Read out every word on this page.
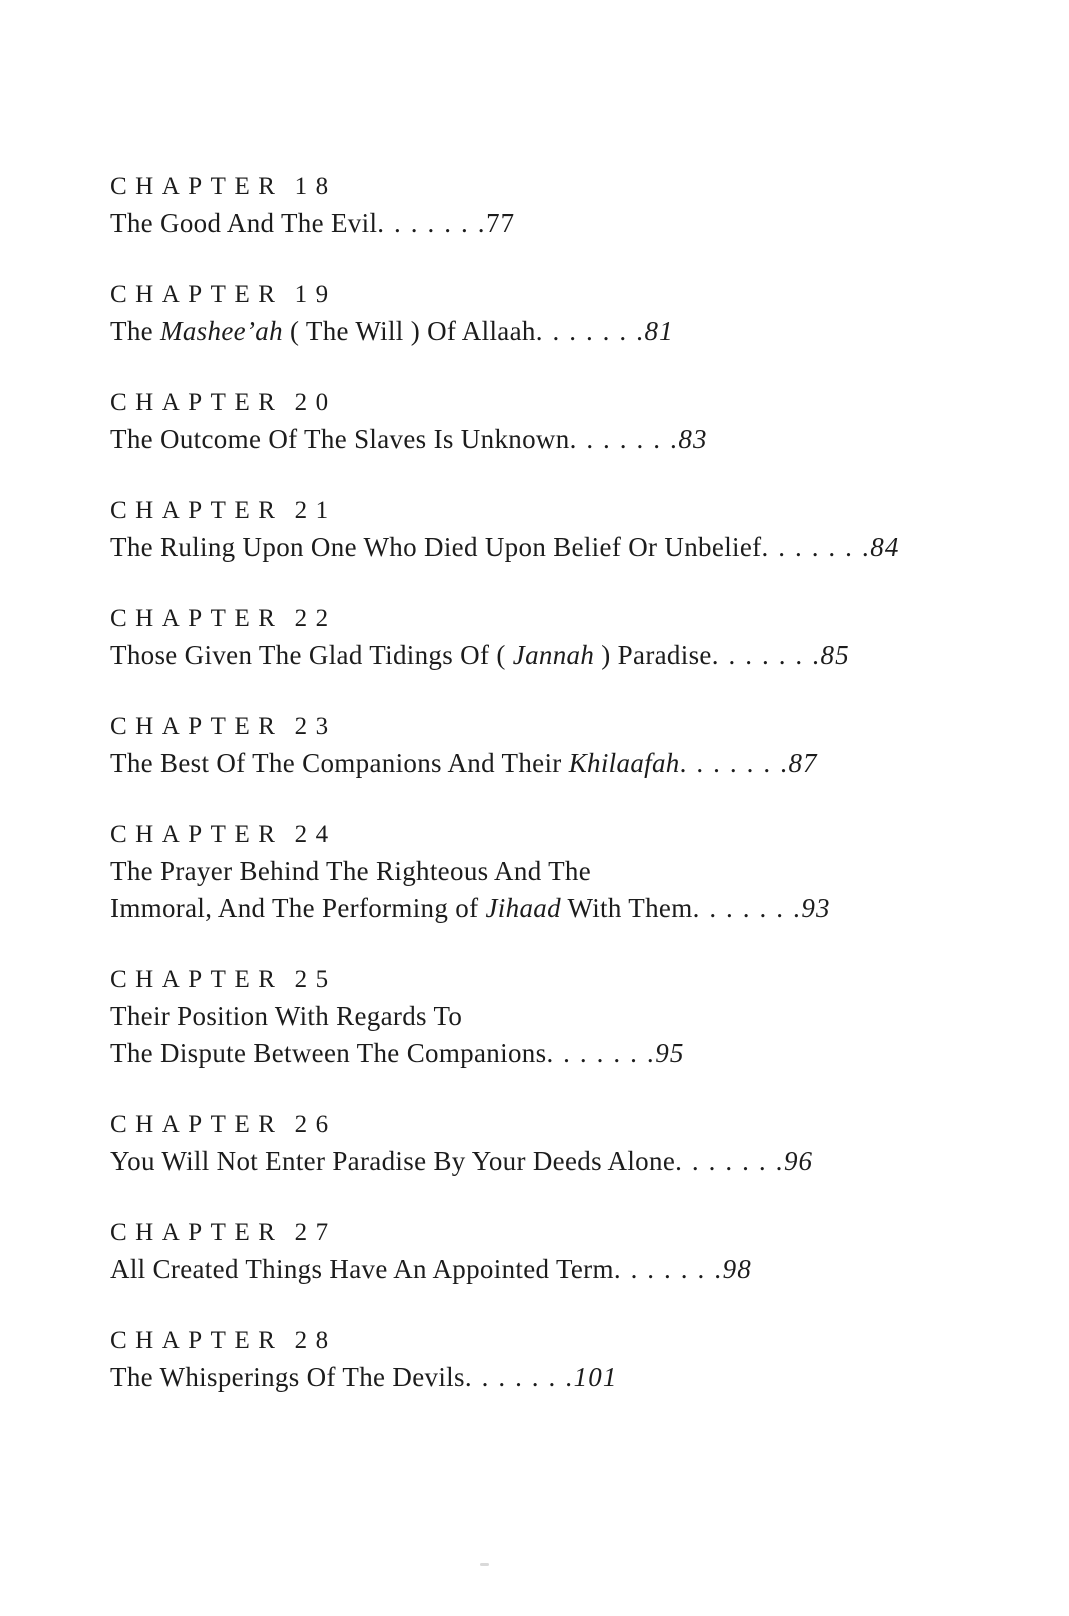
CHAPTER 18

The Good And The Evil. . . . . . .77

CHAPTER 19

The Mashee’ah ( The Will ) Of Allaah. . . . . . .81

CHAPTER 20

The Outcome Of The Slaves Is Unknown. . . . . . .83

CHAPTER 21

The Ruling Upon One Who Died Upon Belief Or Unbelief. . . . . . .84

CHAPTER 22

Those Given The Glad Tidings Of ( Jannah ) Paradise. . . . . . .85

CHAPTER 23

The Best Of The Companions And Their Khilaafah. . . . . . .87

CHAPTER 24

The Prayer Behind The Righteous And The

Immoral, And The Performing of Jihaad With Them. . . . . . .93

CHAPTER 25

Their Position With Regards To

The Dispute Between The Companions. . . . . . .95

CHAPTER 26

You Will Not Enter Paradise By Your Deeds Alone. . . . . . .96

CHAPTER 27

All Created Things Have An Appointed Term. . . . . . .98

CHAPTER 28

The Whisperings Of The Devils. . . . . . .101
